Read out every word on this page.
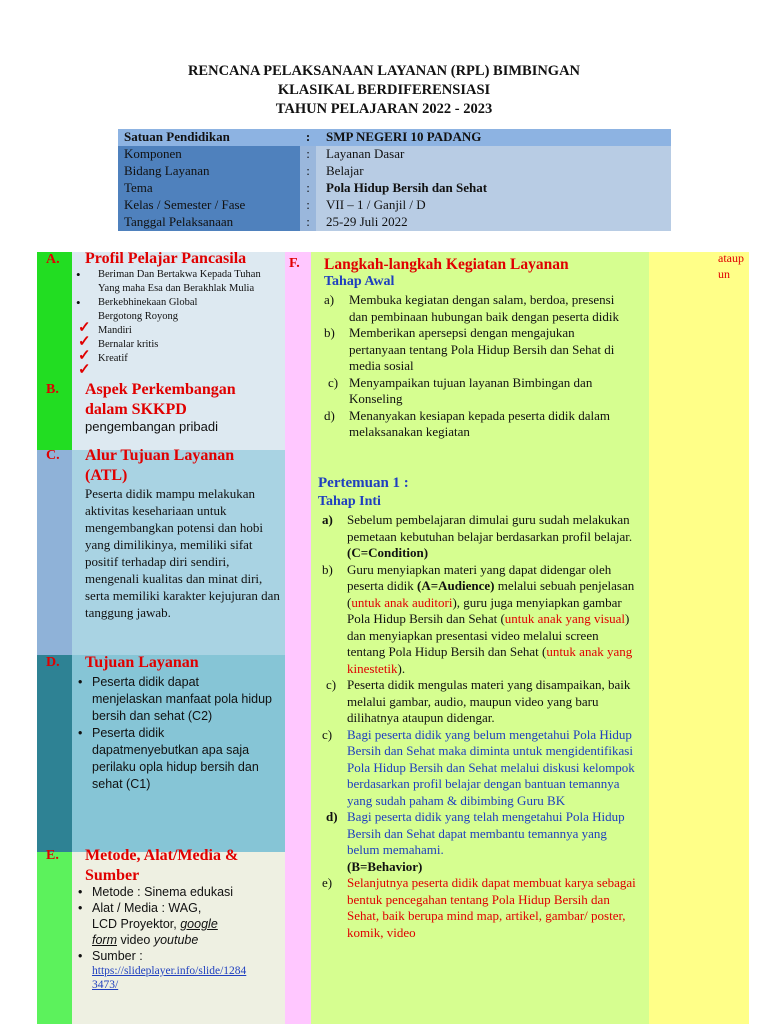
RENCANA PELAKSANAAN LAYANAN (RPL) BIMBINGAN
KLASIKAL BERDIFERENSIASI
TAHUN PELAJARAN 2022 - 2023
Satuan Pendidikan	:	SMP NEGERI 10 PADANG
Komponen	:	Layanan Dasar
Bidang Layanan	:	Belajar
Tema	:	Pola Hidup Bersih dan Sehat
Kelas / Semester / Fase	:	VII – 1 / Ganjil / D
Tanggal Pelaksanaan	:	25-29 Juli 2022
A. Profil Pelajar Pancasila
• Beriman Dan Bertakwa Kepada Tuhan Yang maha Esa dan Berakhlak Mulia
• Berkebhinekaan Global
Bergotong Royong
Mandiri
Bernalar kritis
Kreatif
✓
✓
✓
✓
B. Aspek Perkembangan
dalam SKKPD
pengembangan pribadi
C. Alur Tujuan Layanan
(ATL)
Peserta didik mampu melakukan aktivitas kesehariaan untuk mengembangkan potensi dan hobi yang dimilikinya, memiliki sifat positif terhadap diri sendiri, mengenali kualitas dan minat diri, serta memiliki karakter kejujuran dan tanggung jawab.
D. Tujuan Layanan
• Peserta didik dapat menjelaskan manfaat pola hidup bersih dan sehat (C2)
• Peserta didik dapatmenyebutkan apa saja perilaku opla hidup bersih dan sehat (C1)
E. Metode, Alat/Media &
Sumber
• Metode : Sinema edukasi
• Alat / Media : WAG,
LCD Proyektor, google
form video youtube
• Sumber :
https://slideplayer.info/slide/12843473/
F. Langkah-langkah Kegiatan Layanan
Tahap Awal
a) Membuka kegiatan dengan salam, berdoa, presensi dan pembinaan hubungan baik dengan peserta didik
b) Memberikan apersepsi dengan mengajukan pertanyaan tentang Pola Hidup Bersih dan Sehat di media sosial
c) Menyampaikan tujuan layanan Bimbingan dan Konseling
d) Menanyakan kesiapan kepada peserta didik dalam melaksanakan kegiatan
Pertemuan 1 :
Tahap Inti
a) Sebelum pembelajaran dimulai guru sudah melakukan pemetaan kebutuhan belajar berdasarkan profil belajar. (C=Condition)
b) Guru menyiapkan materi yang dapat didengar oleh peserta didik (A=Audience) melalui sebuah penjelasan (untuk anak auditori), guru juga menyiapkan gambar Pola Hidup Bersih dan Sehat (untuk anak yang visual) dan menyiapkan presentasi video melalui screen tentang Pola Hidup Bersih dan Sehat (untuk anak yang kinestetik).
c) Peserta didik mengulas materi yang disampaikan, baik melalui gambar, audio, maupun video yang baru dilihatnya ataupun didengar.
c) Bagi peserta didik yang belum mengetahui Pola Hidup Bersih dan Sehat maka diminta untuk mengidentifikasi Pola Hidup Bersih dan Sehat melalui diskusi kelompok berdasarkan profil belajar dengan bantuan temannya yang sudah paham & dibimbing Guru BK
d) Bagi peserta didik yang telah mengetahui Pola Hidup Bersih dan Sehat dapat membantu temannya yang belum memahami.
(B=Behavior)
e) Selanjutnya peserta didik dapat membuat karya sebagai bentuk pencegahan tentang Pola Hidup Bersih dan Sehat, baik berupa mind map, artikel, gambar/ poster, komik, video
ataupun
